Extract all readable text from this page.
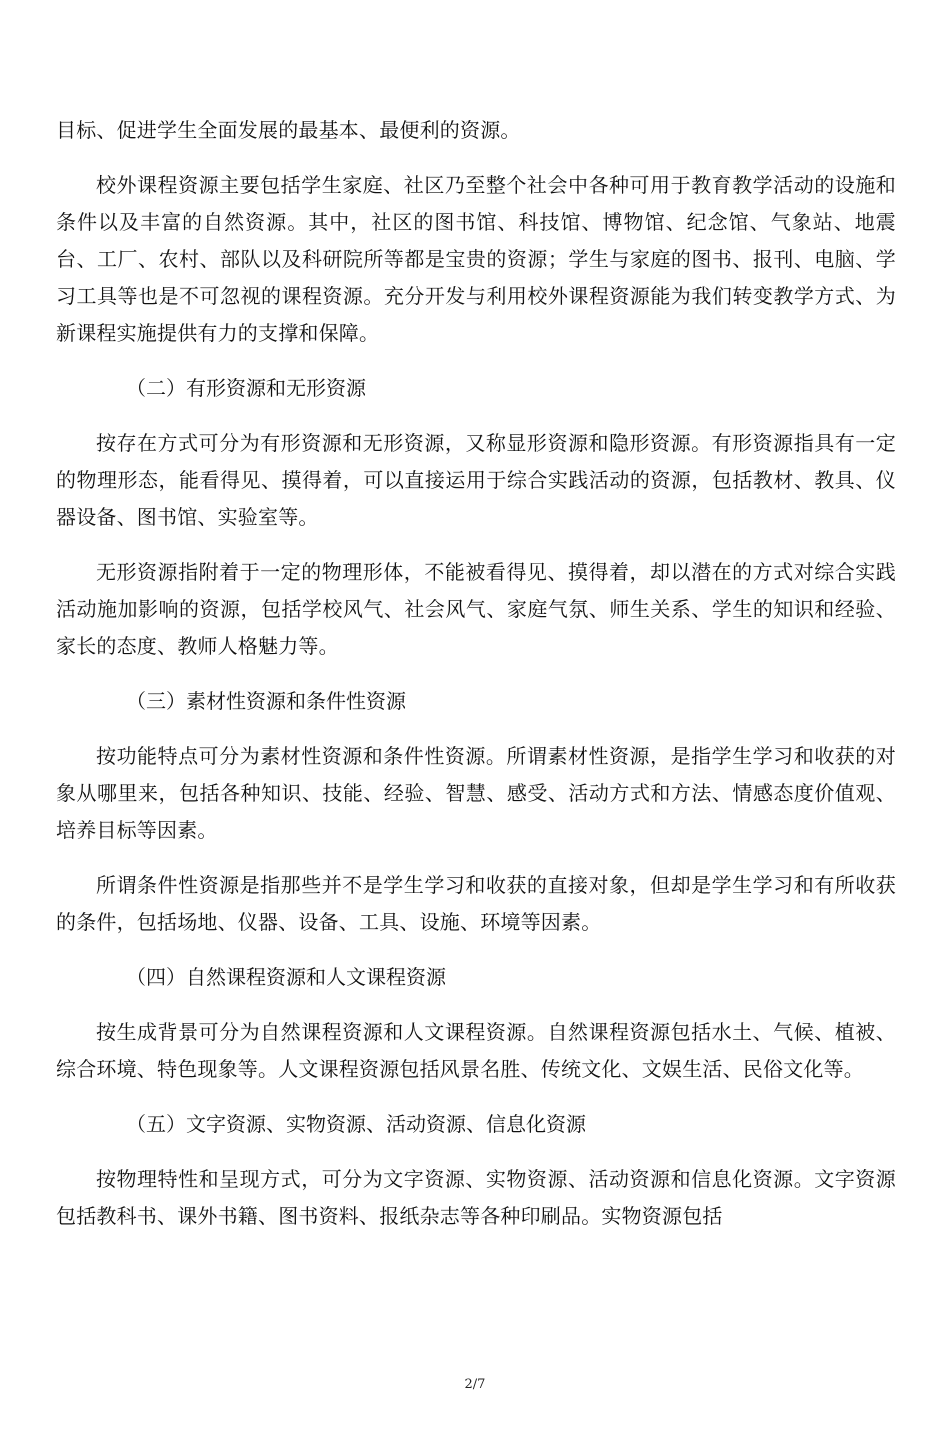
目标、促进学生全面发展的最基本、最便利的资源。

校外课程资源主要包括学生家庭、社区乃至整个社会中各种可用于教育教学活动的设施和条件以及丰富的自然资源。其中，社区的图书馆、科技馆、博物馆、纪念馆、气象站、地震台、工厂、农村、部队以及科研院所等都是宝贵的资源；学生与家庭的图书、报刊、电脑、学习工具等也是不可忽视的课程资源。充分开发与利用校外课程资源能为我们转变教学方式、为新课程实施提供有力的支撑和保障。

（二）有形资源和无形资源

按存在方式可分为有形资源和无形资源，又称显形资源和隐形资源。有形资源指具有一定的物理形态，能看得见、摸得着，可以直接运用于综合实践活动的资源，包括教材、教具、仪器设备、图书馆、实验室等。

无形资源指附着于一定的物理形体，不能被看得见、摸得着，却以潜在的方式对综合实践活动施加影响的资源，包括学校风气、社会风气、家庭气氛、师生关系、学生的知识和经验、家长的态度、教师人格魅力等。

（三）素材性资源和条件性资源

按功能特点可分为素材性资源和条件性资源。所谓素材性资源，是指学生学习和收获的对象从哪里来，包括各种知识、技能、经验、智慧、感受、活动方式和方法、情感态度价值观、培养目标等因素。

所谓条件性资源是指那些并不是学生学习和收获的直接对象，但却是学生学习和有所收获的条件，包括场地、仪器、设备、工具、设施、环境等因素。

（四）自然课程资源和人文课程资源

按生成背景可分为自然课程资源和人文课程资源。自然课程资源包括水土、气候、植被、综合环境、特色现象等。人文课程资源包括风景名胜、传统文化、文娱生活、民俗文化等。

（五）文字资源、实物资源、活动资源、信息化资源

按物理特性和呈现方式，可分为文字资源、实物资源、活动资源和信息化资源。文字资源包括教科书、课外书籍、图书资料、报纸杂志等各种印刷品。实物资源包括

2/7
